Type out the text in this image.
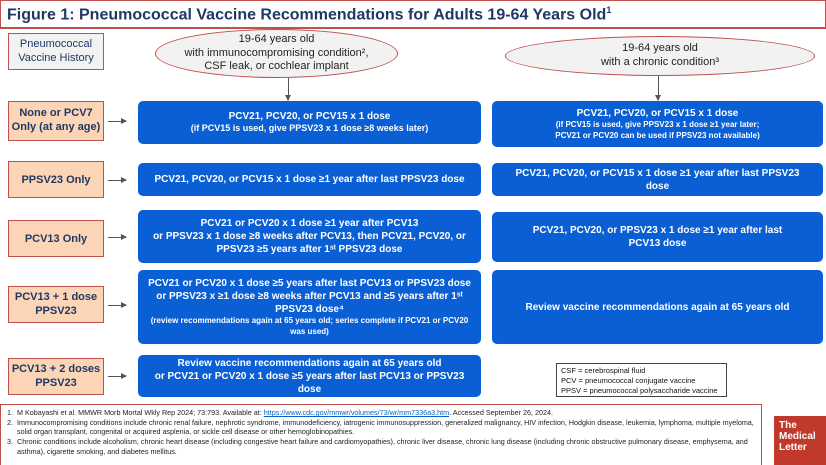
Figure 1: Pneumococcal Vaccine Recommendations for Adults 19-64 Years Old$^1$
Pneumococcal
Vaccine History
19-64 years old
with immunocompromising condition²,
CSF leak, or cochlear implant
19-64 years old
with a chronic condition³
None or PCV7
Only (at any age)
PCV21, PCV20, or PCV15 x 1 dose
(if PCV15 is used, give PPSV23 x 1 dose ≥8 weeks later)
PCV21, PCV20, or PCV15 x 1 dose
(if PCV15 is used, give PPSV23 x 1 dose ≥1 year later;
PCV21 or PCV20 can be used if PPSV23 not available)
PPSV23 Only	PCV21, PCV20, or PCV15 x 1 dose ≥1 year after last PPSV23 dose
PCV21, PCV20, or PCV15 x 1 dose ≥1 year after last PPSV23
dose
PCV13 Only
PCV21 or PCV20 x 1 dose ≥1 year after PCV13
or PPSV23 x 1 dose ≥8 weeks after PCV13, then PCV21, PCV20, or
PPSV23 ≥5 years after 1ˢᵗ PPSV23 dose
PCV21, PCV20, or PPSV23 x 1 dose ≥1 year after last
PCV13 dose
PCV13 + 1 dose
PPSV23
PCV21 or PCV20 x 1 dose ≥5 years after last PCV13 or PPSV23 dose
or PPSV23 x ≥1 dose ≥8 weeks after PCV13 and ≥5 years after 1ˢᵗ
PPSV23 dose⁴
(review recommendations again at 65 years old; series complete if PCV21 or PCV20
was used)
Review vaccine recommendations again at 65 years old
PCV13 + 2 doses
PPSV23
Review vaccine recommendations again at 65 years old
or PCV21 or PCV20 x 1 dose ≥5 years after last PCV13 or PPSV23 dose
CSF = cerebrospinal fluid
PCV = pneumococcal conjugate vaccine
PPSV = pneumococcal polysaccharide vaccine
1. M Kobayashi et al. MMWR Morb Mortal Wkly Rep 2024; 73:793. Available at: https://www.cdc.gov/mmwr/volumes/73/wr/mm7336a3.htm. Accessed September 26, 2024.
2. Immunocompromising conditions include chronic renal failure, nephrotic syndrome, immunodeficiency, iatrogenic immunosuppression, generalized malignancy, HIV infection, Hodgkin disease, leukemia, lymphoma, multiple myeloma, solid organ transplant, congenital or acquired asplenia, or sickle cell disease or other hemoglobinopathies.
3. Chronic conditions include alcoholism, chronic heart disease (including congestive heart failure and cardiomyopathies), chronic liver disease, chronic lung disease (including chronic obstructive pulmonary disease, emphysema, and asthma), cigarette smoking, and diabetes mellitus.
The
Medical
Letter
